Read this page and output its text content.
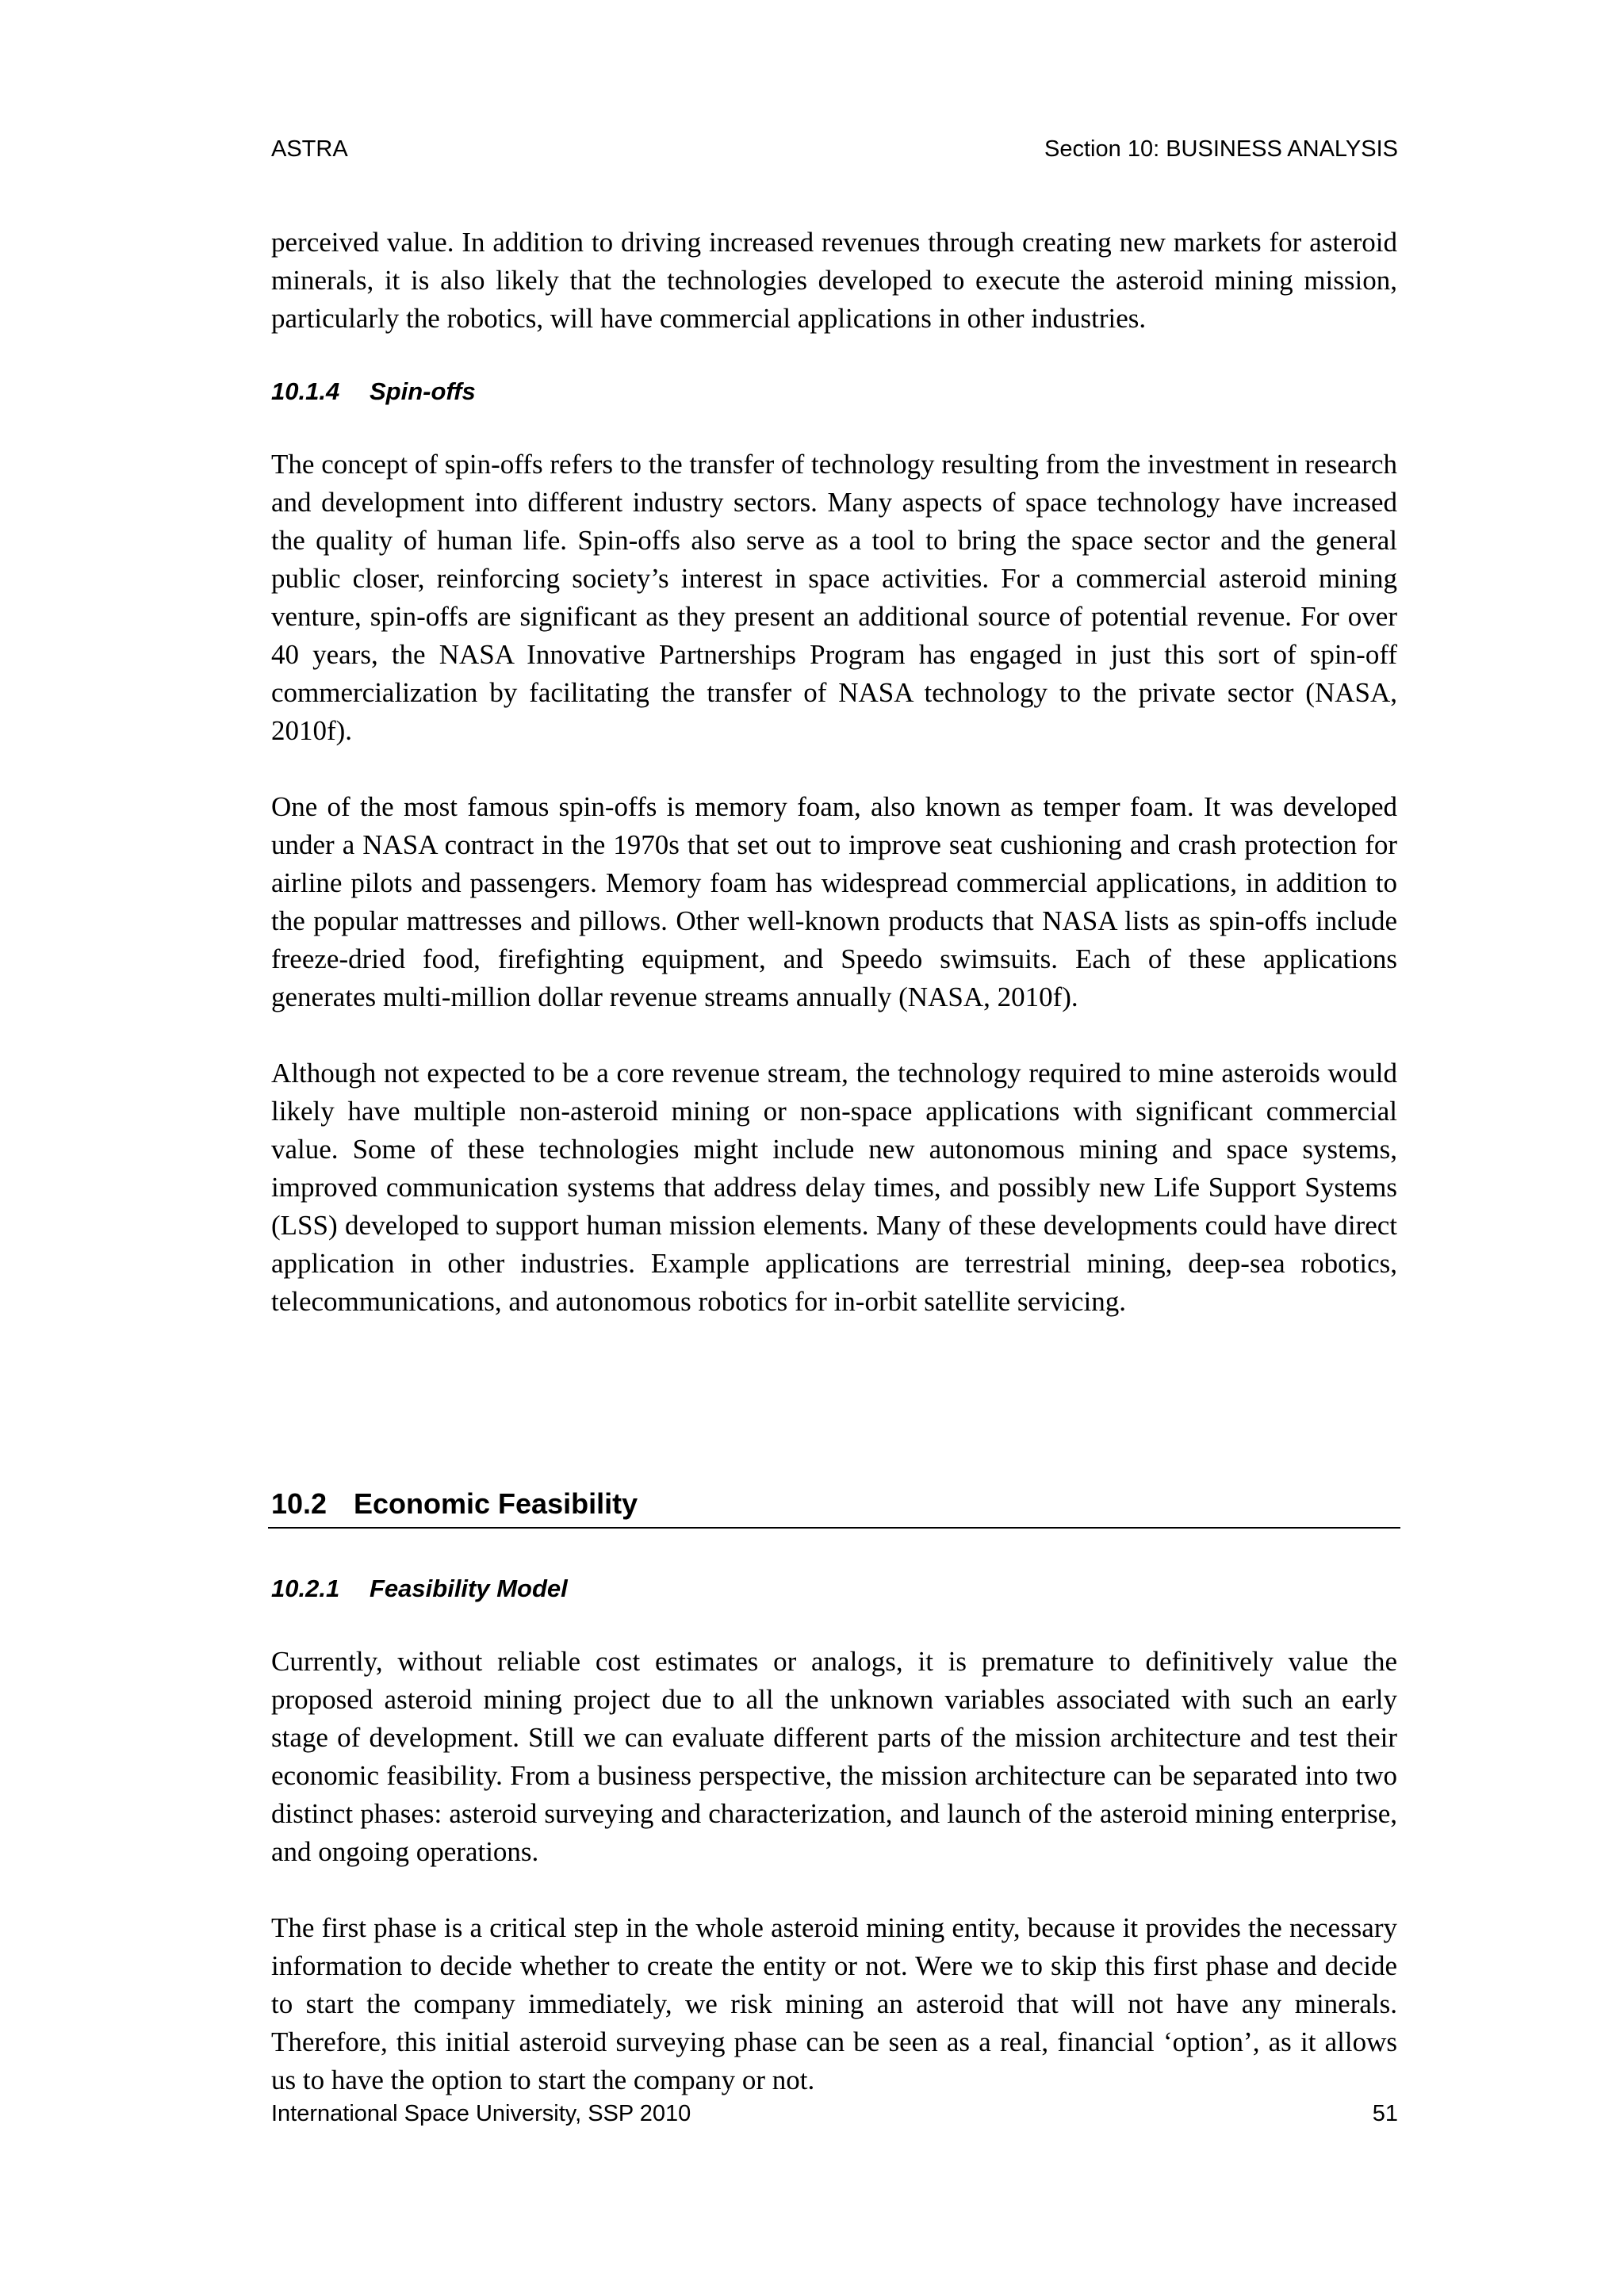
ASTRA	Section 10: BUSINESS ANALYSIS

perceived value. In addition to driving increased revenues through creating new markets for asteroid minerals, it is also likely that the technologies developed to execute the asteroid mining mission, particularly the robotics, will have commercial applications in other industries.

10.1.4 Spin-offs

The concept of spin-offs refers to the transfer of technology resulting from the investment in research and development into different industry sectors. Many aspects of space technology have increased the quality of human life. Spin-offs also serve as a tool to bring the space sector and the general public closer, reinforcing society’s interest in space activities. For a commercial asteroid mining venture, spin-offs are significant as they present an additional source of potential revenue. For over 40 years, the NASA Innovative Partnerships Program has engaged in just this sort of spin-off commercialization by facilitating the transfer of NASA technology to the private sector (NASA, 2010f).

One of the most famous spin-offs is memory foam, also known as temper foam. It was developed under a NASA contract in the 1970s that set out to improve seat cushioning and crash protection for airline pilots and passengers. Memory foam has widespread commercial applications, in addition to the popular mattresses and pillows. Other well-known products that NASA lists as spin-offs include freeze-dried food, firefighting equipment, and Speedo swimsuits. Each of these applications generates multi-million dollar revenue streams annually (NASA, 2010f).

Although not expected to be a core revenue stream, the technology required to mine asteroids would likely have multiple non-asteroid mining or non-space applications with significant commercial value. Some of these technologies might include new autonomous mining and space systems, improved communication systems that address delay times, and possibly new Life Support Systems (LSS) developed to support human mission elements. Many of these developments could have direct application in other industries. Example applications are terrestrial mining, deep-sea robotics, telecommunications, and autonomous robotics for in-orbit satellite servicing.

10.2 Economic Feasibility
10.2.1 Feasibility Model

Currently, without reliable cost estimates or analogs, it is premature to definitively value the proposed asteroid mining project due to all the unknown variables associated with such an early stage of development. Still we can evaluate different parts of the mission architecture and test their economic feasibility. From a business perspective, the mission architecture can be separated into two distinct phases: asteroid surveying and characterization, and launch of the asteroid mining enterprise, and ongoing operations.

The first phase is a critical step in the whole asteroid mining entity, because it provides the necessary information to decide whether to create the entity or not. Were we to skip this first phase and decide to start the company immediately, we risk mining an asteroid that will not have any minerals. Therefore, this initial asteroid surveying phase can be seen as a real, financial ‘option’, as it allows us to have the option to start the company or not.

International Space University, SSP 2010	51
